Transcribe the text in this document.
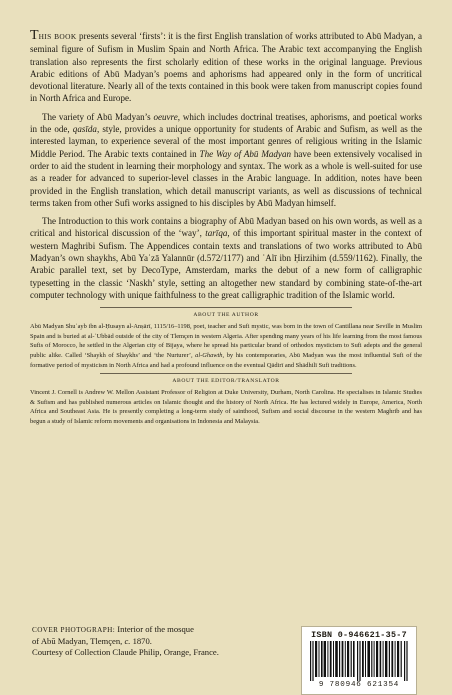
THIS BOOK presents several ‘firsts’: it is the first English translation of works attributed to Abū Madyan, a seminal figure of Sufism in Muslim Spain and North Africa. The Arabic text accompanying the English translation also represents the first scholarly edition of these works in the original language. Previous Arabic editions of Abū Madyan’s poems and aphorisms had appeared only in the form of uncritical devotional literature. Nearly all of the texts contained in this book were taken from manuscript copies found in North Africa and Europe.

The variety of Abū Madyan’s oeuvre, which includes doctrinal treatises, aphorisms, and poetical works in the ode, qasīda, style, provides a unique opportunity for students of Arabic and Sufism, as well as the interested layman, to experience several of the most important genres of religious writing in the Islamic Middle Period. The Arabic texts contained in The Way of Abū Madyan have been extensively vocalised in order to aid the student in learning their morphology and syntax. The work as a whole is well-suited for use as a reader for advanced to superior-level classes in the Arabic language. In addition, notes have been provided in the English translation, which detail manuscript variants, as well as discussions of technical terms taken from other Sufi works assigned to his disciples by Abū Madyan himself.

The Introduction to this work contains a biography of Abū Madyan based on his own words, as well as a critical and historical discussion of the ‘way’, tarīqa, of this important spiritual master in the context of western Maghribi Sufism. The Appendices contain texts and translations of two works attributed to Abū Madyan’s own shaykhs, Abū Yaʿzā Yalannūr (d.572/1177) and ʿAlī ibn Ḥirzihim (d.559/1162). Finally, the Arabic parallel text, set by DecoType, Amsterdam, marks the debut of a new form of calligraphic typesetting in the classic ‘Naskh’ style, setting an altogether new standard by combining state-of-the-art computer technology with unique faithfulness to the great calligraphic tradition of the Islamic world.

ABOUT THE AUTHOR

Abū Madyan Shuʿayb ibn al-Ḥusayn al-Anṣārī, 1115/16–1198, poet, teacher and Sufi mystic, was born in the town of Cantillana near Seville in Muslim Spain and is buried at al-ʿUbbād outside of the city of Tlemçen in western Algeria. After spending many years of his life learning from the most famous Sufis of Morocco, he settled in the Algerian city of Bijaya, where he spread his particular brand of orthodox mysticism to Sufi adepts and the general public alike. Called ‘Shaykh of Shaykhs’ and ‘the Nurturer’, al-Ghawth, by his contemporaries, Abū Madyan was the most influential Sufi of the formative period of mysticism in North Africa and had a profound influence on the eventual Qādirī and Shādhilī Sufi traditions.

ABOUT THE EDITOR/TRANSLATOR

Vincent J. Cornell is Andrew W. Mellon Assistant Professor of Religion at Duke University, Durham, North Carolina. He specialises in Islamic Studies & Sufism and has published numerous articles on Islamic thought and the history of North Africa. He has lectured widely in Europe, America, North Africa and Southeast Asia. He is presently completing a long-term study of sainthood, Sufism and social discourse in the western Maghrib and has begun a study of Islamic reform movements and organisations in Indonesia and Malaysia.

COVER PHOTOGRAPH: Interior of the mosque
of Abū Madyan, Tlemçen, c. 1870.
Courtesy of Collection Claude Philip, Orange, France.
ISBN 0-946621-35-7
9 780946 621354
